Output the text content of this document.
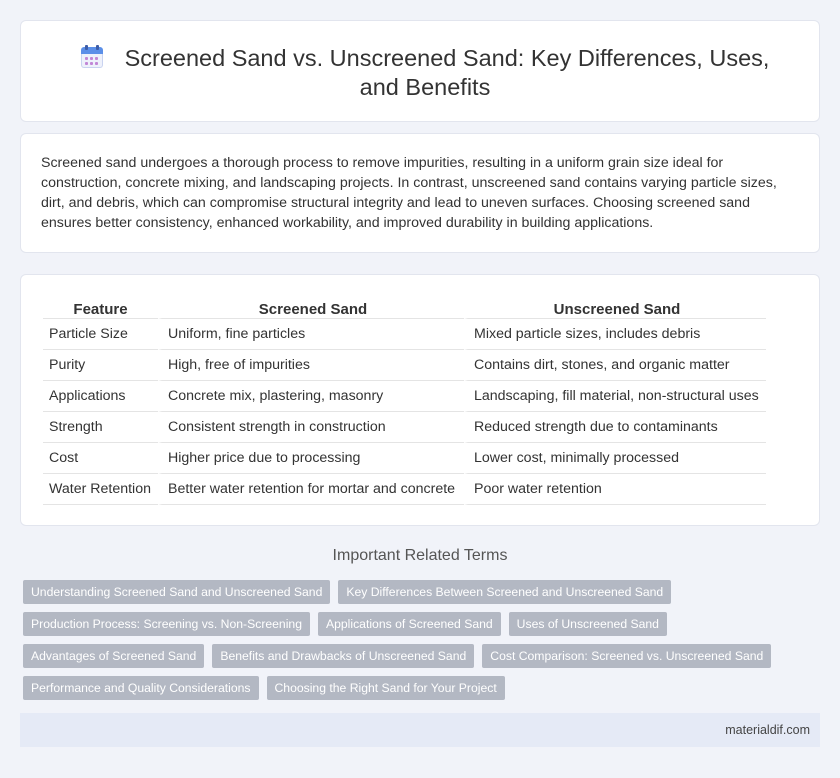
Screened Sand vs. Unscreened Sand: Key Differences, Uses, and Benefits

Screened sand undergoes a thorough process to remove impurities, resulting in a uniform grain size ideal for construction, concrete mixing, and landscaping projects. In contrast, unscreened sand contains varying particle sizes, dirt, and debris, which can compromise structural integrity and lead to uneven surfaces. Choosing screened sand ensures better consistency, enhanced workability, and improved durability in building applications.

Feature	Screened Sand	Unscreened Sand
Particle Size	Uniform, fine particles	Mixed particle sizes, includes debris
Purity	High, free of impurities	Contains dirt, stones, and organic matter
Applications	Concrete mix, plastering, masonry	Landscaping, fill material, non-structural uses
Strength	Consistent strength in construction	Reduced strength due to contaminants
Cost	Higher price due to processing	Lower cost, minimally processed
Water Retention	Better water retention for mortar and concrete	Poor water retention
Important Related Terms
Understanding Screened Sand and Unscreened Sand	Key Differences Between Screened and Unscreened Sand
Production Process: Screening vs. Non-Screening	Applications of Screened Sand	Uses of Unscreened Sand
Advantages of Screened Sand	Benefits and Drawbacks of Unscreened Sand	Cost Comparison: Screened vs. Unscreened Sand
Performance and Quality Considerations	Choosing the Right Sand for Your Project
materialdif.com
